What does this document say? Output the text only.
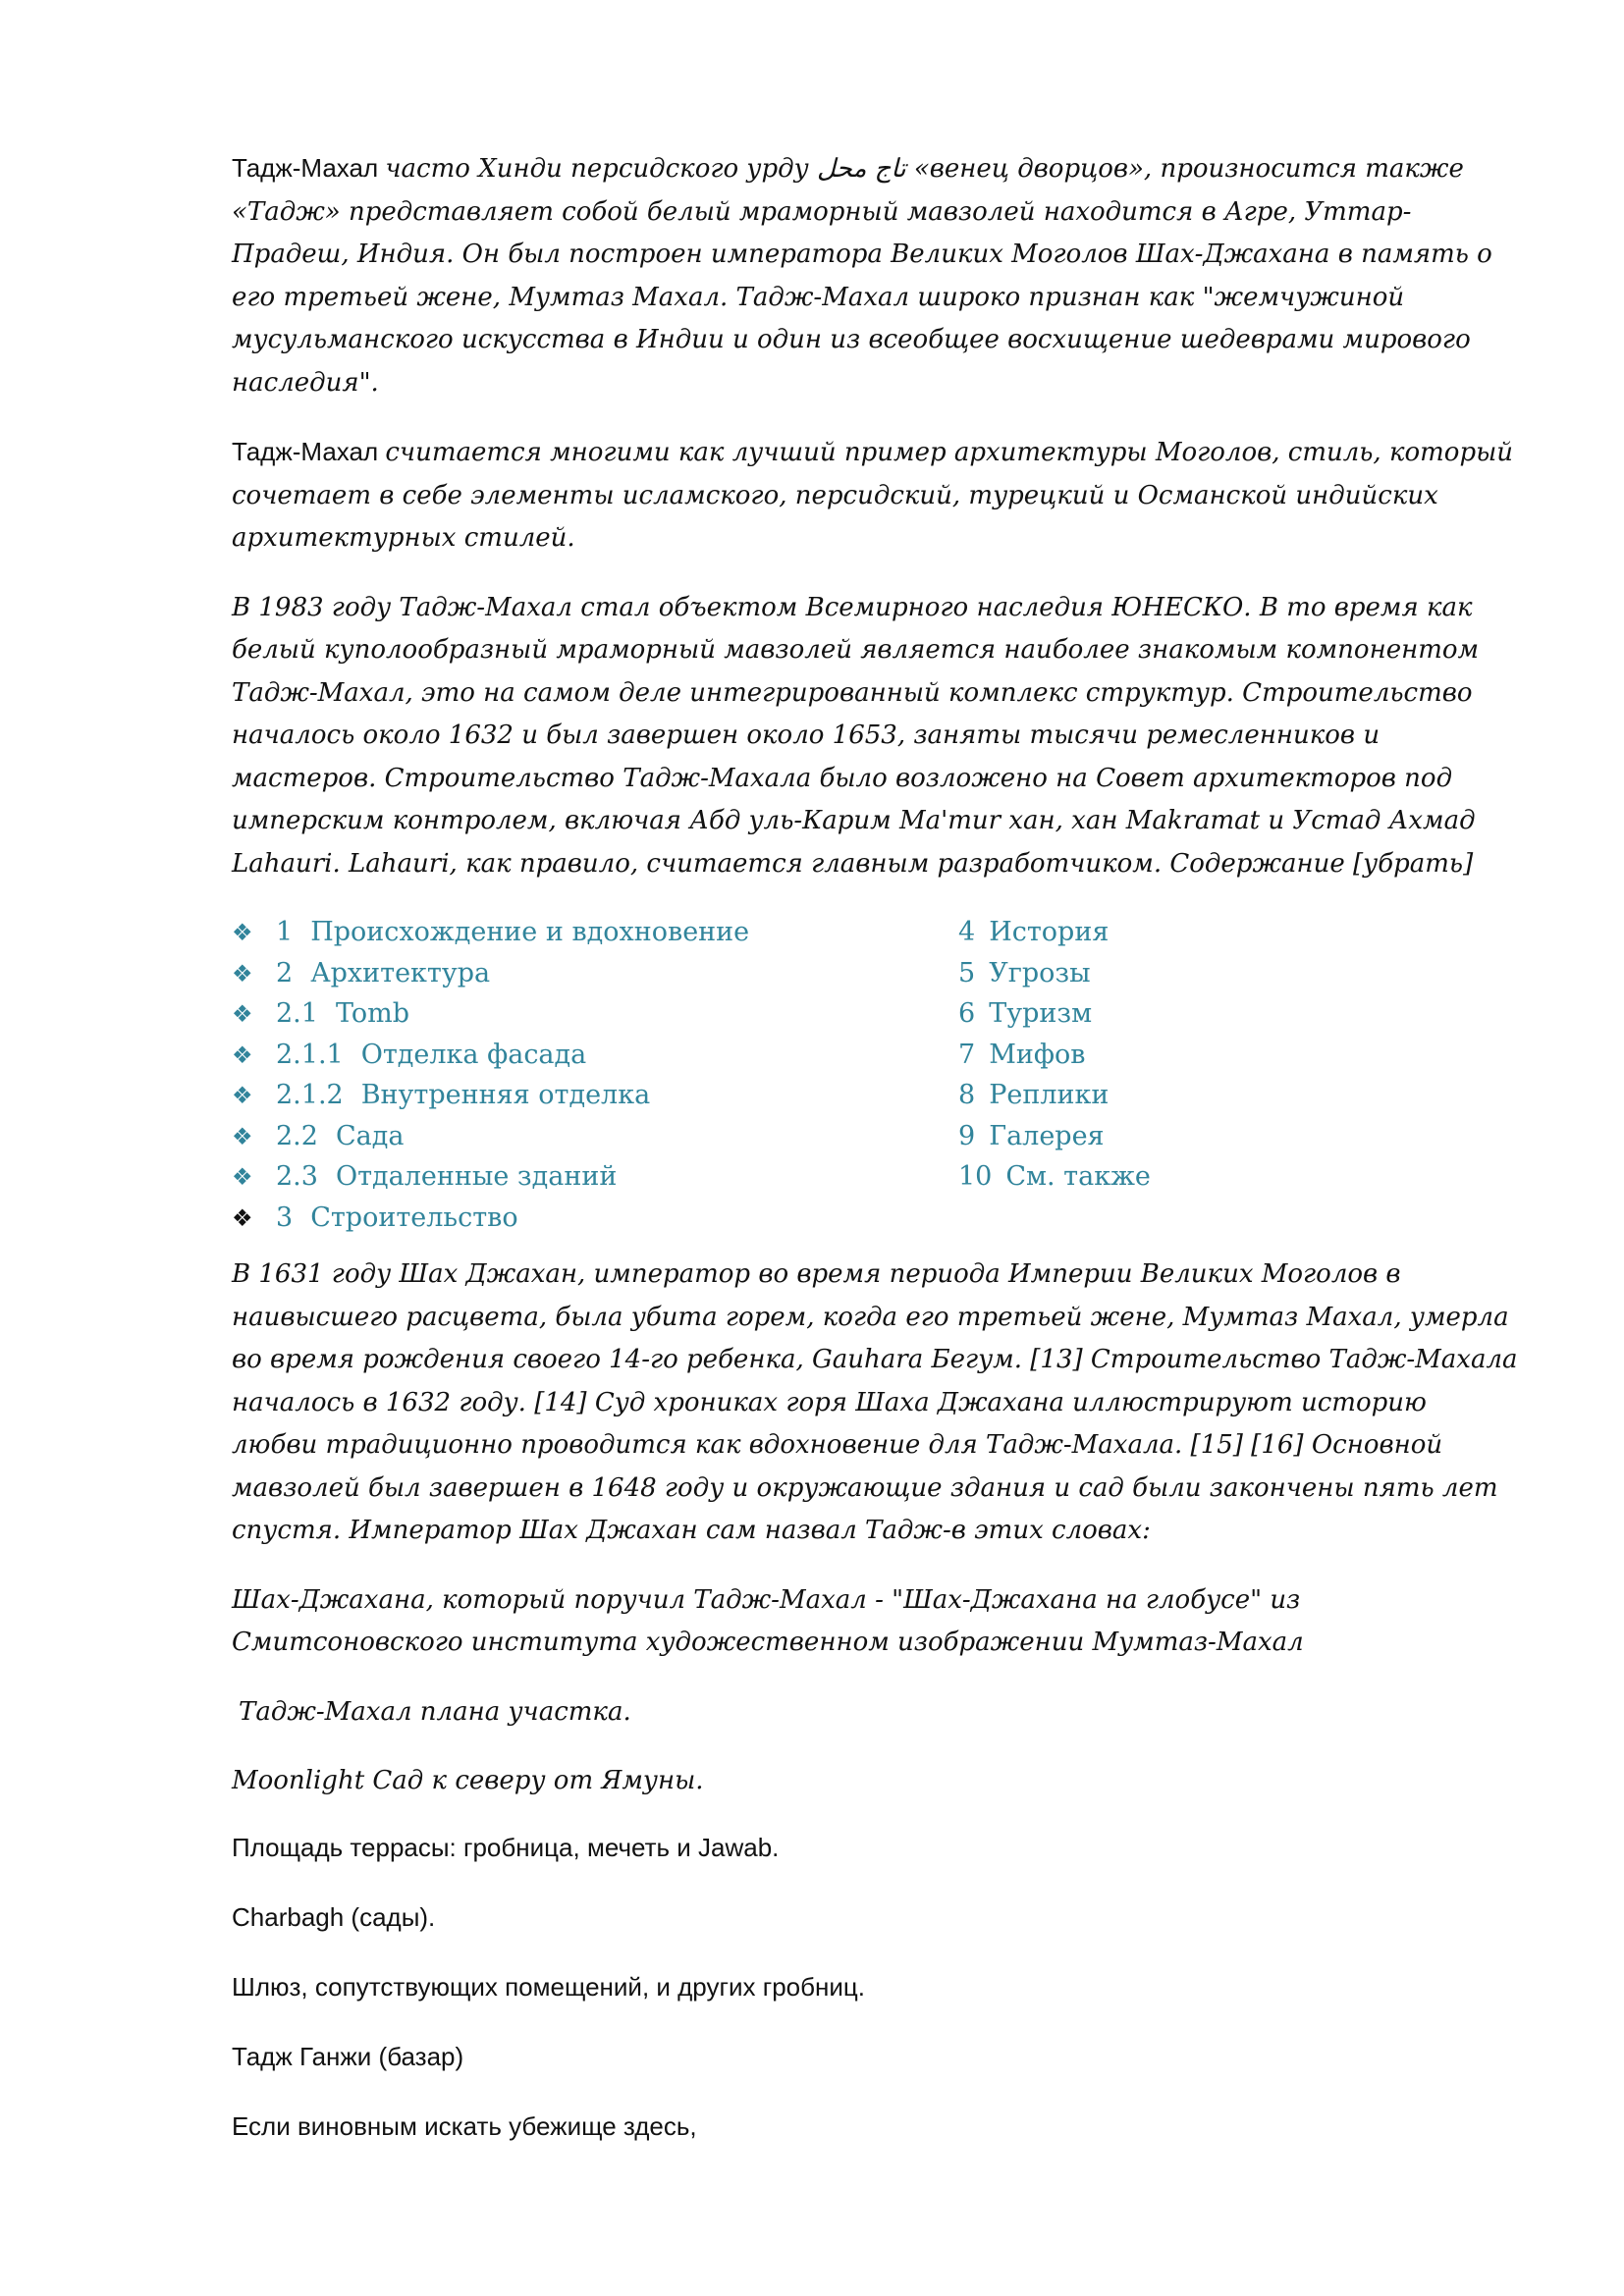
Тадж-Махал часто Хинди персидского урду تاج محل «венец дворцов», произносится также «Тадж» представляет собой белый мраморный мавзолей находится в Агре, Уттар-Прадеш, Индия. Он был построен императора Великих Моголов Шах-Джахана в память о его третьей жене, Мумтаз Махал. Тадж-Махал широко признан как "жемчужиной мусульманского искусства в Индии и один из всеобщее восхищение шедеврами мирового наследия".

Тадж-Махал считается многими как лучший пример архитектуры Моголов, стиль, который сочетает в себе элементы исламского, персидский, турецкий и Османской индийских архитектурных стилей.

В 1983 году Тадж-Махал стал объектом Всемирного наследия ЮНЕСКО. В то время как белый куполообразный мраморный мавзолей является наиболее знакомым компонентом Тадж-Махал, это на самом деле интегрированный комплекс структур. Строительство началось около 1632 и был завершен около 1653, заняты тысячи ремесленников и мастеров. Строительство Тадж-Махала было возложено на Совет архитекторов под имперским контролем, включая Абд уль-Карим Ma'mur хан, хан Makramat и Устад Ахмад Lahauri. Lahauri, как правило, считается главным разработчиком. Содержание [убрать]

❖ 1 Происхождение и вдохновение
❖ 2 Архитектура
❖ 2.1 Tomb
❖ 2.1.1 Отделка фасада
❖ 2.1.2 Внутренняя отделка
❖ 2.2 Сада
❖ 2.3 Отдаленные зданий
❖ 3 Строительство
4 История
5 Угрозы
6 Туризм
7 Мифов
8 Реплики
9 Галерея
10 См. также

В 1631 году Шах Джахан, император во время периода Империи Великих Моголов в наивысшего расцвета, была убита горем, когда его третьей жене, Мумтаз Махал, умерла во время рождения своего 14-го ребенка, Gauhara Бегум. [13] Строительство Тадж-Махала началось в 1632 году. [14] Суд хрониках горя Шаха Джахана иллюстрируют историю любви традиционно проводится как вдохновение для Тадж-Махала. [15] [16] Основной мавзолей был завершен в 1648 году и окружающие здания и сад были закончены пять лет спустя. Император Шах Джахан сам назвал Тадж-в этих словах:

Шах-Джахана, который поручил Тадж-Махал - "Шах-Джахана на глобусе" из Смитсоновского института художественном изображении Мумтаз-Махал

Тадж-Махал плана участка.

Moonlight Сад к северу от Ямуны.

Площадь террасы: гробница, мечеть и Jawab.

Charbagh (сады).

Шлюз, сопутствующих помещений, и других гробниц.

Тадж Ганжи (базар)

Если виновным искать убежище здесь,
